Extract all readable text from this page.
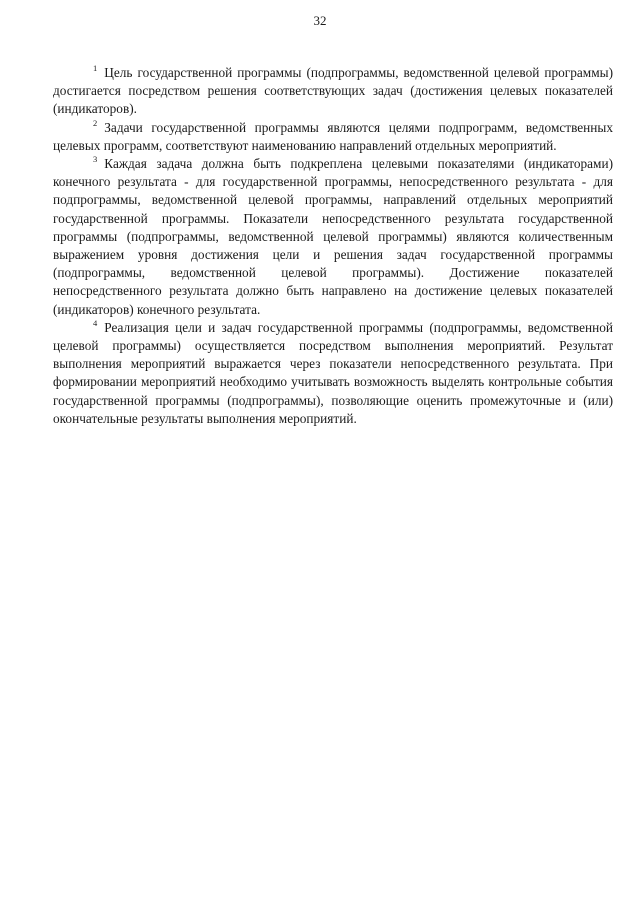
32

$^1$ Цель государственной программы (подпрограммы, ведомственной целевой программы) достигается посредством решения соответствующих задач (достижения целевых показателей (индикаторов).

$^2$ Задачи государственной программы являются целями подпрограмм, ведомственных целевых программ, соответствуют наименованию направлений отдельных мероприятий.

$^3$ Каждая задача должна быть подкреплена целевыми показателями (индикаторами) конечного результата - для государственной программы, непосредственного результата - для подпрограммы, ведомственной целевой программы, направлений отдельных мероприятий государственной программы. Показатели непосредственного результата государственной программы (подпрограммы, ведомственной целевой программы) являются количественным выражением уровня достижения цели и решения задач государственной программы (подпрограммы, ведомственной целевой программы). Достижение показателей непосредственного результата должно быть направлено на достижение целевых показателей (индикаторов) конечного результата.

$^4$ Реализация цели и задач государственной программы (подпрограммы, ведомственной целевой программы) осуществляется посредством выполнения мероприятий. Результат выполнения мероприятий выражается через показатели непосредственного результата. При формировании мероприятий необходимо учитывать возможность выделять контрольные события государственной программы (подпрограммы), позволяющие оценить промежуточные и (или) окончательные результаты выполнения мероприятий.
